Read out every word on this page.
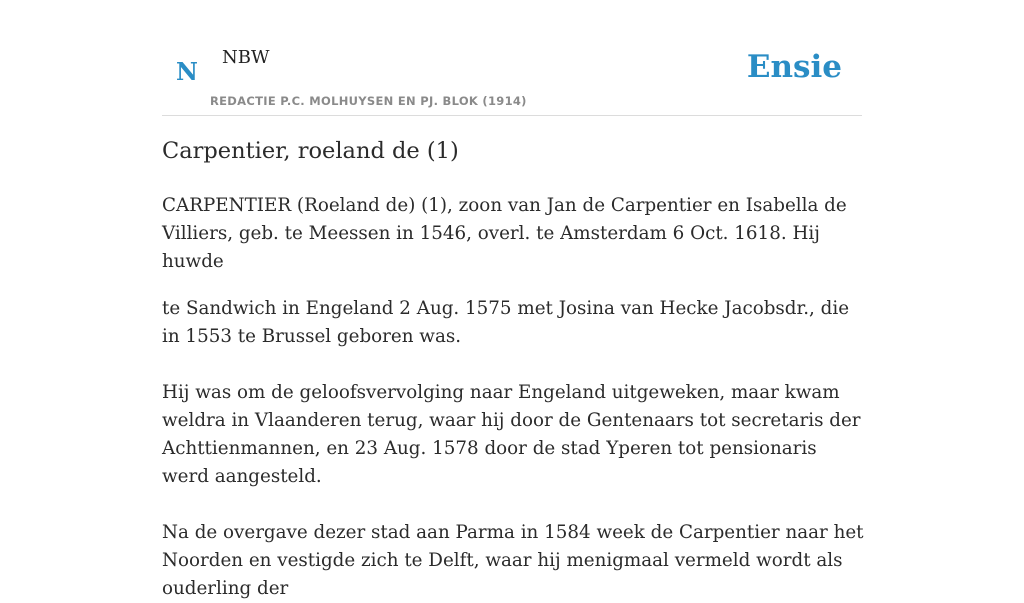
N NBW
REDACTIE P.C. MOLHUYSEN EN PJ. BLOK (1914)
Ensie
Carpentier, roeland de (1)

CARPENTIER (Roeland de) (1), zoon van Jan de Carpentier en Isabella de Villiers, geb. te Meessen in 1546, overl. te Amsterdam 6 Oct. 1618. Hij huwde

te Sandwich in Engeland 2 Aug. 1575 met Josina van Hecke Jacobsdr., die in 1553 te Brussel geboren was.

Hij was om de geloofsvervolging naar Engeland uitgeweken, maar kwam weldra in Vlaanderen terug, waar hij door de Gentenaars tot secretaris der Achttienmannen, en 23 Aug. 1578 door de stad Yperen tot pensionaris werd aangesteld.

Na de overgave dezer stad aan Parma in 1584 week de Carpentier naar het Noorden en vestigde zich te Delft, waar hij menigmaal vermeld wordt als ouderling der
